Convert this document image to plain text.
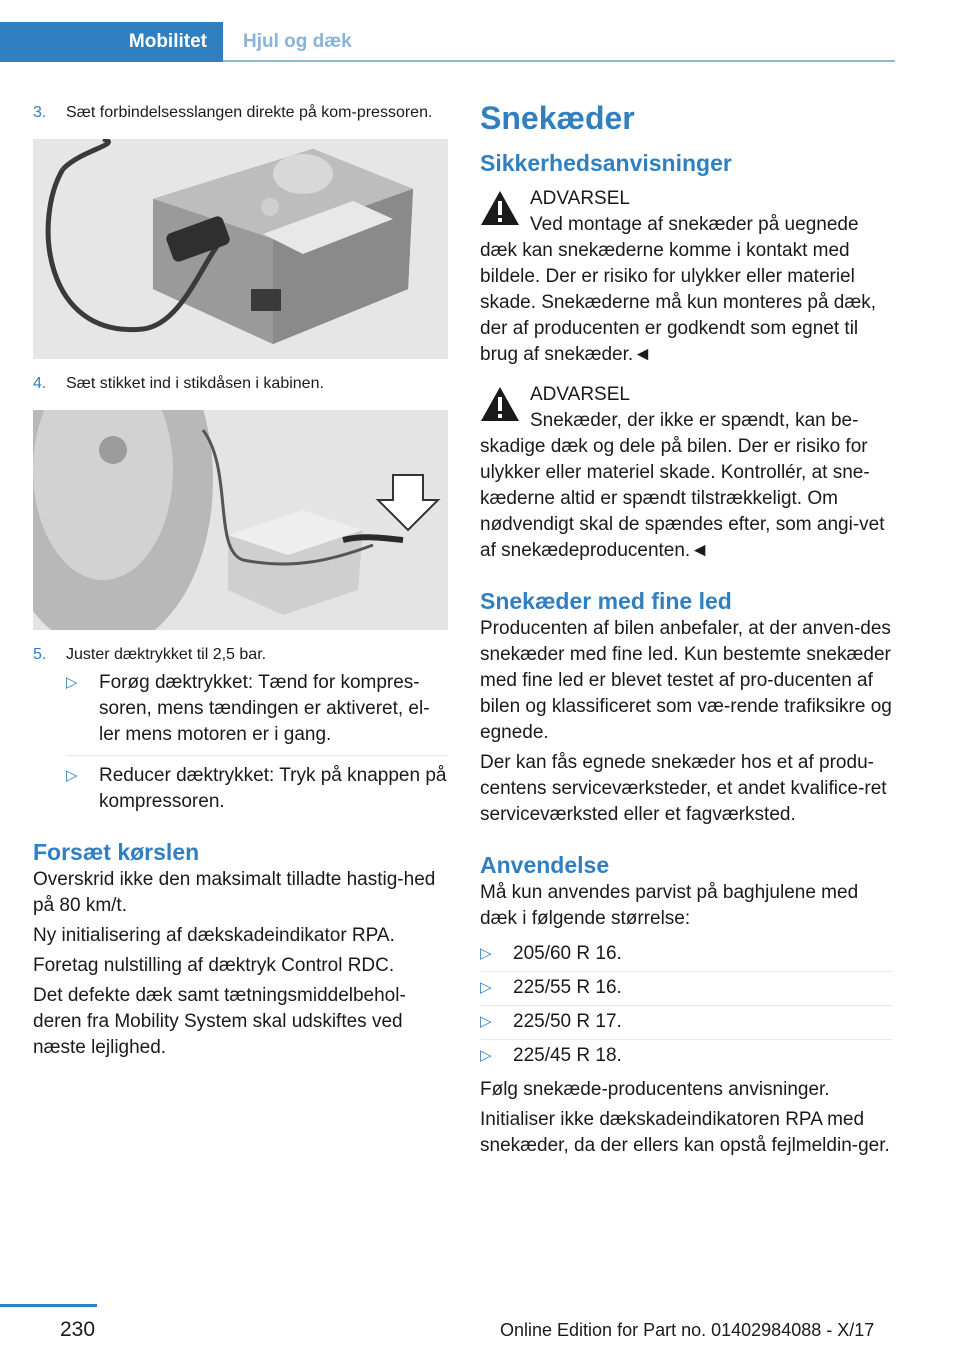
Mobilitet	Hjul og dæk
3.	Sæt forbindelsesslangen direkte på kom-pressoren.
4.	Sæt stikket ind i stikdåsen i kabinen.
5.	Juster dæktrykket til 2,5 bar.
▷	Forøg dæktrykket: Tænd for kompres-soren, mens tændingen er aktiveret, el-ler mens motoren er i gang.
▷	Reducer dæktrykket: Tryk på knappen på kompressoren.
Forsæt kørslen

Overskrid ikke den maksimalt tilladte hastig-hed på 80 km/t.

Ny initialisering af dækskadeindikator RPA.

Foretag nulstilling af dæktryk Control RDC.

Det defekte dæk samt tætningsmiddelbehol-deren fra Mobility System skal udskiftes ved næste lejlighed.

Snekæder
Sikkerhedsanvisninger

ADVARSEL

Ved montage af snekæder på uegnede

dæk kan snekæderne komme i kontakt med bildele. Der er risiko for ulykker eller materiel skade. Snekæderne må kun monteres på dæk, der af producenten er godkendt som egnet til brug af snekæder.◄

ADVARSEL

Snekæder, der ikke er spændt, kan be-

skadige dæk og dele på bilen. Der er risiko for ulykker eller materiel skade. Kontrollér, at sne-kæderne altid er spændt tilstrækkeligt. Om nødvendigt skal de spændes efter, som angi-vet af snekædeproducenten.◄

Snekæder med fine led

Producenten af bilen anbefaler, at der anven-des snekæder med fine led. Kun bestemte snekæder med fine led er blevet testet af pro-ducenten af bilen og klassificeret som væ-rende trafiksikre og egnede.

Der kan fås egnede snekæder hos et af produ-centens serviceværksteder, et andet kvalifice-ret serviceværksted eller et fagværksted.

Anvendelse

Må kun anvendes parvist på baghjulene med dæk i følgende størrelse:

▷	205/60 R 16.
▷	225/55 R 16.
▷	225/50 R 17.
▷	225/45 R 18.

Følg snekæde-producentens anvisninger.

Initialiser ikke dækskadeindikatoren RPA med snekæder, da der ellers kan opstå fejlmeldin-ger.

230	Online Edition for Part no. 01402984088 - X/17
